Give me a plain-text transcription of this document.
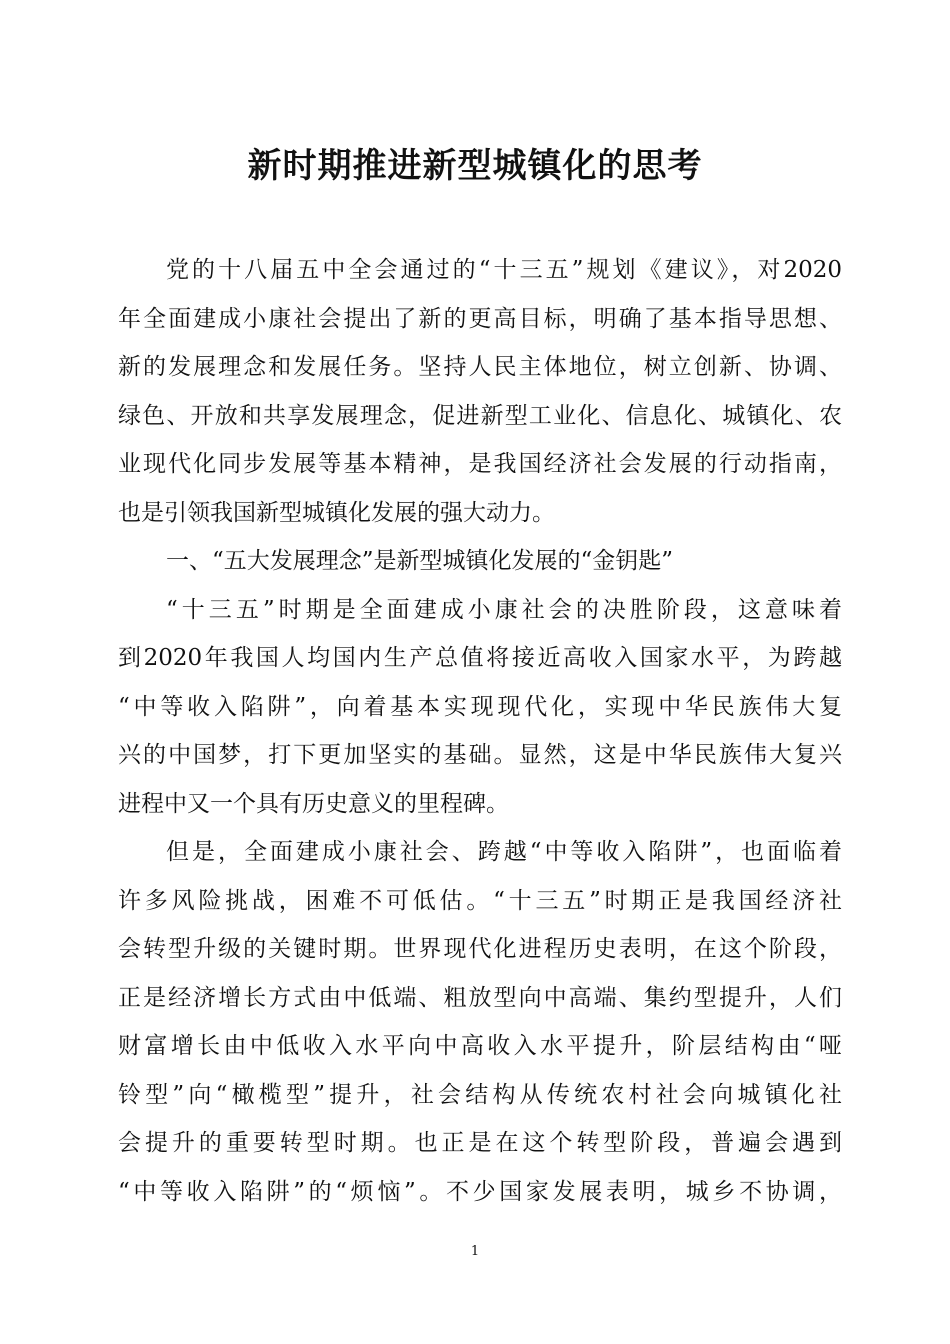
新时期推进新型城镇化的思考
党的十八届五中全会通过的“十三五”规划《建议》，对2020
年全面建成小康社会提出了新的更高目标，明确了基本指导思想、
新的发展理念和发展任务。坚持人民主体地位，树立创新、协调、
绿色、开放和共享发展理念，促进新型工业化、信息化、城镇化、农
业现代化同步发展等基本精神，是我国经济社会发展的行动指南，
也是引领我国新型城镇化发展的强大动力。
一、“五大发展理念”是新型城镇化发展的“金钥匙”
“十三五”时期是全面建成小康社会的决胜阶段，这意味着
到2020年我国人均国内生产总值将接近高收入国家水平，为跨越
“中等收入陷阱”，向着基本实现现代化，实现中华民族伟大复
兴的中国梦，打下更加坚实的基础。显然，这是中华民族伟大复兴
进程中又一个具有历史意义的里程碑。
但是，全面建成小康社会、跨越“中等收入陷阱”，也面临着
许多风险挑战，困难不可低估。“十三五”时期正是我国经济社
会转型升级的关键时期。世界现代化进程历史表明，在这个阶段，
正是经济增长方式由中低端、粗放型向中高端、集约型提升，人们
财富增长由中低收入水平向中高收入水平提升，阶层结构由“哑
铃型”向“橄榄型”提升，社会结构从传统农村社会向城镇化社
会提升的重要转型时期。也正是在这个转型阶段，普遍会遇到
“中等收入陷阱”的“烦恼”。不少国家发展表明，城乡不协调，
1
